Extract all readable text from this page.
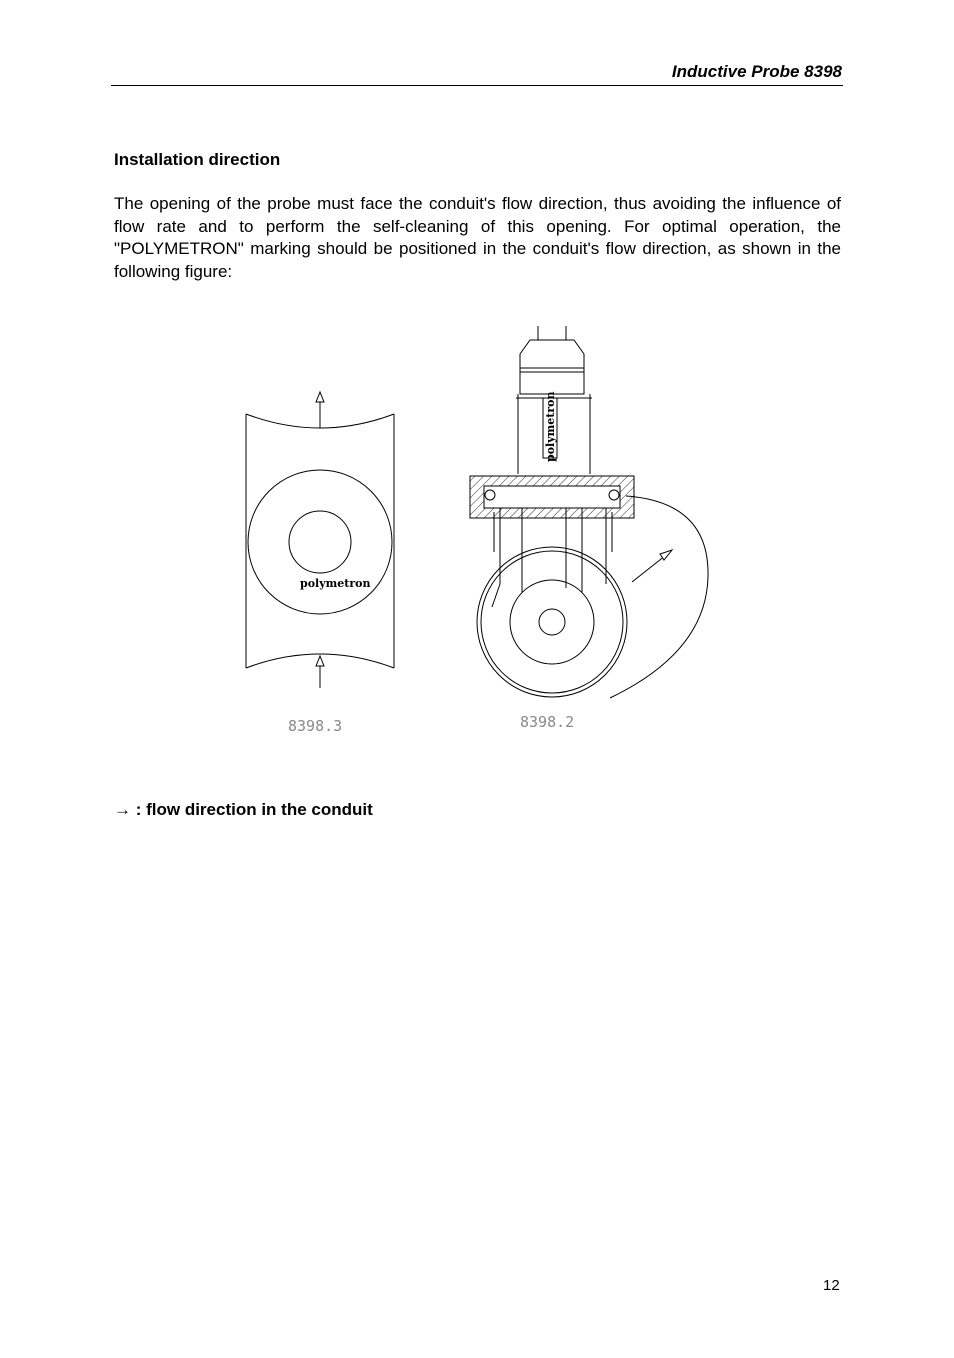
Inductive Probe 8398
Installation direction
The opening of the probe must face the conduit's flow direction, thus avoiding the influence of flow rate and to perform the self-cleaning of this opening. For optimal operation, the "POLYMETRON" marking should be positioned in the conduit's flow direction, as shown in the following figure:
polymetron
8398.3
polymetron
8398.2
→ : flow direction in the conduit
12
